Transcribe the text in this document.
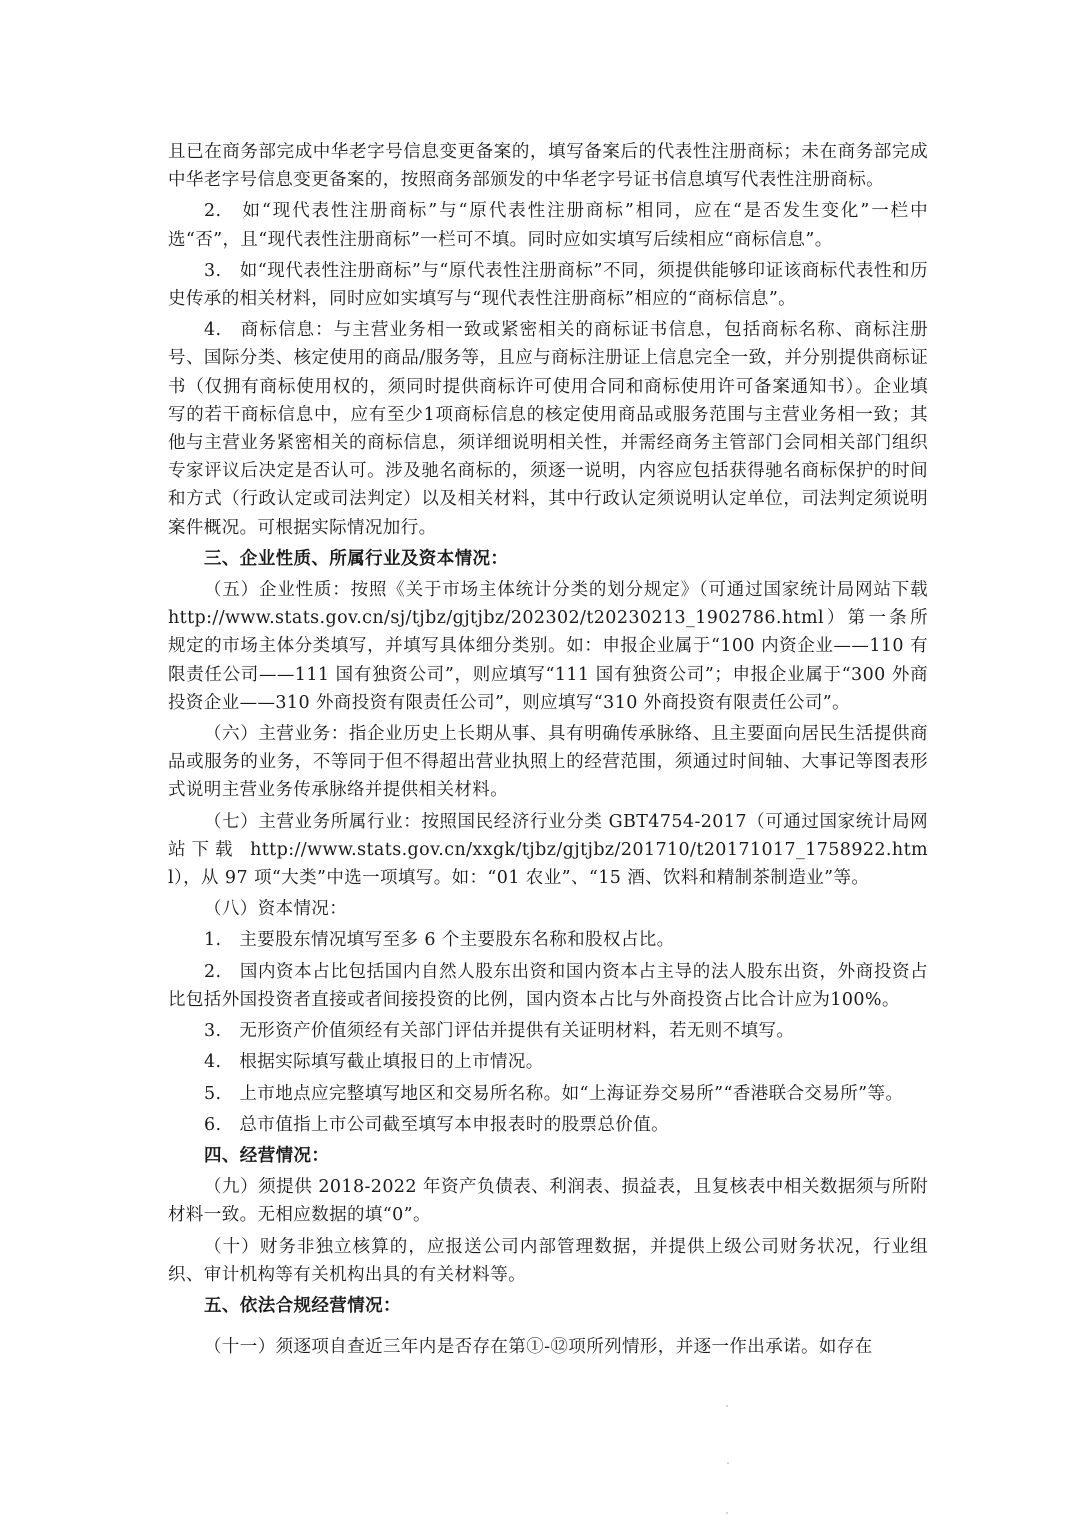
且已在商务部完成中华老字号信息变更备案的，填写备案后的代表性注册商标；未在商务部完成中华老字号信息变更备案的，按照商务部颁发的中华老字号证书信息填写代表性注册商标。

2.　如“现代表性注册商标”与“原代表性注册商标”相同，应在“是否发生变化”一栏中选“否”，且“现代表性注册商标”一栏可不填。同时应如实填写后续相应“商标信息”。

3.　如“现代表性注册商标”与“原代表性注册商标”不同，须提供能够印证该商标代表性和历史传承的相关材料，同时应如实填写与“现代表性注册商标”相应的“商标信息”。

4.　商标信息：与主营业务相一致或紧密相关的商标证书信息，包括商标名称、商标注册号、国际分类、核定使用的商品/服务等，且应与商标注册证上信息完全一致，并分别提供商标证书（仅拥有商标使用权的，须同时提供商标许可使用合同和商标使用许可备案通知书）。企业填写的若干商标信息中，应有至少1项商标信息的核定使用商品或服务范围与主营业务相一致；其他与主营业务紧密相关的商标信息，须详细说明相关性，并需经商务主管部门会同相关部门组织专家评议后决定是否认可。涉及驰名商标的，须逐一说明，内容应包括获得驰名商标保护的时间和方式（行政认定或司法判定）以及相关材料，其中行政认定须说明认定单位，司法判定须说明案件概况。可根据实际情况加行。

三、企业性质、所属行业及资本情况：

（五）企业性质：按照《关于市场主体统计分类的划分规定》（可通过国家统计局网站下载 http://www.stats.gov.cn/sj/tjbz/gjtjbz/202302/t20230213_1902786.html）第一条所规定的市场主体分类填写，并填写具体细分类别。如：申报企业属于“100 内资企业——110 有限责任公司——111 国有独资公司”，则应填写“111 国有独资公司”；申报企业属于“300 外商投资企业——310 外商投资有限责任公司”，则应填写“310 外商投资有限责任公司”。

（六）主营业务：指企业历史上长期从事、具有明确传承脉络、且主要面向居民生活提供商品或服务的业务，不等同于但不得超出营业执照上的经营范围，须通过时间轴、大事记等图表形式说明主营业务传承脉络并提供相关材料。

（七）主营业务所属行业：按照国民经济行业分类 GBT4754-2017（可通过国家统计局网站下载 http://www.stats.gov.cn/xxgk/tjbz/gjtjbz/201710/t20171017_1758922.html），从 97 项“大类”中选一项填写。如：“01 农业”、“15 酒、饮料和精制茶制造业”等。

（八）资本情况：

1.　主要股东情况填写至多 6 个主要股东名称和股权占比。

2.　国内资本占比包括国内自然人股东出资和国内资本占主导的法人股东出资，外商投资占比包括外国投资者直接或者间接投资的比例，国内资本占比与外商投资占比合计应为100%。

3.　无形资产价值须经有关部门评估并提供有关证明材料，若无则不填写。

4.　根据实际填写截止填报日的上市情况。

5.　上市地点应完整填写地区和交易所名称。如“上海证券交易所”“香港联合交易所”等。

6.　总市值指上市公司截至填写本申报表时的股票总价值。

四、经营情况：

（九）须提供 2018-2022 年资产负债表、利润表、损益表，且复核表中相关数据须与所附材料一致。无相应数据的填“0”。

（十）财务非独立核算的，应报送公司内部管理数据，并提供上级公司财务状况，行业组织、审计机构等有关机构出具的有关材料等。

五、依法合规经营情况：

（十一）须逐项自查近三年内是否存在第①-⑫项所列情形，并逐一作出承诺。如存在
